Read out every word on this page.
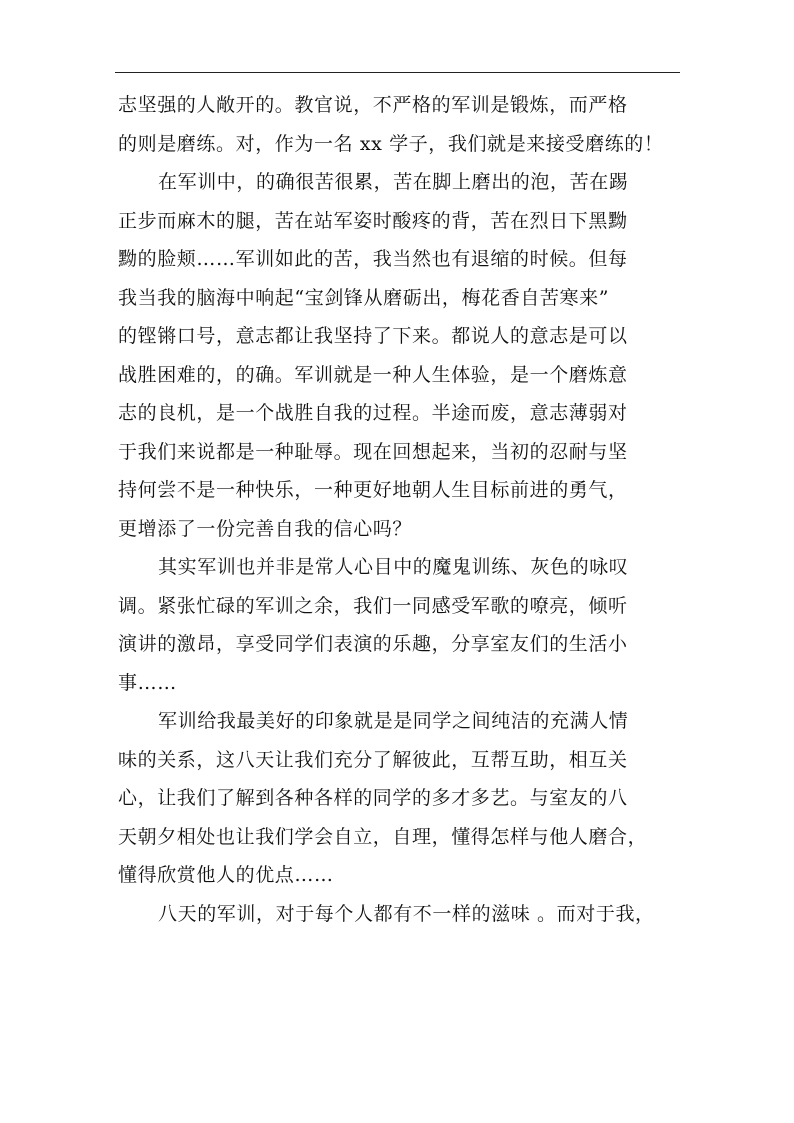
志坚强的人敞开的。教官说，不严格的军训是锻炼，而严格
的则是磨练。对，作为一名 xx 学子，我们就是来接受磨练的！
在军训中，的确很苦很累，苦在脚上磨出的泡，苦在踢
正步而麻木的腿，苦在站军姿时酸疼的背，苦在烈日下黑黝
黝的脸颊……军训如此的苦，我当然也有退缩的时候。但每
我当我的脑海中响起“宝剑锋从磨砺出，梅花香自苦寒来”
的铿锵口号，意志都让我坚持了下来。都说人的意志是可以
战胜困难的，的确。军训就是一种人生体验，是一个磨炼意
志的良机，是一个战胜自我的过程。半途而废，意志薄弱对
于我们来说都是一种耻辱。现在回想起来，当初的忍耐与坚
持何尝不是一种快乐，一种更好地朝人生目标前进的勇气，
更增添了一份完善自我的信心吗？
其实军训也并非是常人心目中的魔鬼训练、灰色的咏叹
调。紧张忙碌的军训之余，我们一同感受军歌的嘹亮，倾听
演讲的激昂，享受同学们表演的乐趣，分享室友们的生活小
事……
军训给我最美好的印象就是是同学之间纯洁的充满人情
味的关系，这八天让我们充分了解彼此，互帮互助，相互关
心，让我们了解到各种各样的同学的多才多艺。与室友的八
天朝夕相处也让我们学会自立，自理，懂得怎样与他人磨合，
懂得欣赏他人的优点……
八天的军训，对于每个人都有不一样的滋味 。而对于我，
